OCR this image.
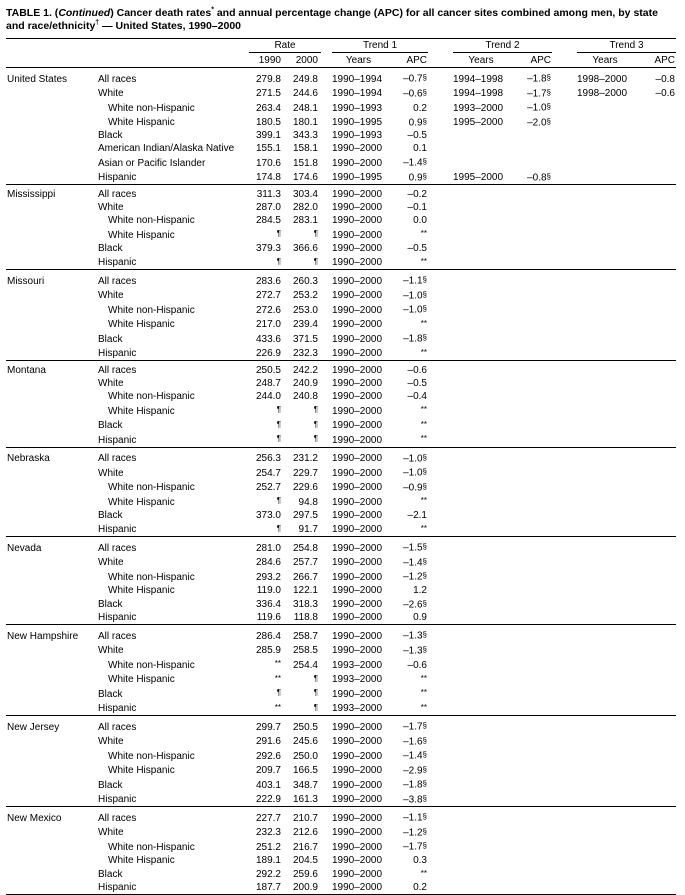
TABLE 1. (Continued) Cancer death rates* and annual percentage change (APC) for all cancer sites combined among men, by state and race/ethnicity† — United States, 1990–2000

		Rate		Trend 1		Trend 2		Trend 3	

		1990	2000	Years	APC	Years	APC	Years	APC
United States	All races	279.8	249.8	1990–1994	–0.7§	1994–1998	–1.8§	1998–2000	–0.8
	White	271.5	244.6	1990–1994	–0.6§	1994–1998	–1.7§	1998–2000	–0.6
	White non-Hispanic	263.4	248.1	1990–1993	0.2	1993–2000	–1.0§		
	White Hispanic	180.5	180.1	1990–1995	0.9§	1995–2000	–2.0§		
	Black	399.1	343.3	1990–1993	–0.5				
	American Indian/Alaska Native	155.1	158.1	1990–2000	0.1				
	Asian or Pacific Islander	170.6	151.8	1990–2000	–1.4§				
	Hispanic	174.8	174.6	1990–1995	0.9§	1995–2000	–0.8§		
Mississippi	All races	311.3	303.4	1990–2000	–0.2				
	White	287.0	282.0	1990–2000	–0.1				
	White non-Hispanic	284.5	283.1	1990–2000	0.0				
	White Hispanic	¶	¶	1990–2000	**				
	Black	379.3	366.6	1990–2000	–0.5				
	Hispanic	¶	¶	1990–2000	**				
Missouri	All races	283.6	260.3	1990–2000	–1.1§				
	White	272.7	253.2	1990–2000	–1.0§				
	White non-Hispanic	272.6	253.0	1990–2000	–1.0§				
	White Hispanic	217.0	239.4	1990–2000	**				
	Black	433.6	371.5	1990–2000	–1.8§				
	Hispanic	226.9	232.3	1990–2000	**				
Montana	All races	250.5	242.2	1990–2000	–0.6				
	White	248.7	240.9	1990–2000	–0.5				
	White non-Hispanic	244.0	240.8	1990–2000	–0.4				
	White Hispanic	¶	¶	1990–2000	**				
	Black	¶	¶	1990–2000	**				
	Hispanic	¶	¶	1990–2000	**				
Nebraska	All races	256.3	231.2	1990–2000	–1.0§				
	White	254.7	229.7	1990–2000	–1.0§				
	White non-Hispanic	252.7	229.6	1990–2000	–0.9§				
	White Hispanic	¶	94.8	1990–2000	**				
	Black	373.0	297.5	1990–2000	–2.1				
	Hispanic	¶	91.7	1990–2000	**				
Nevada	All races	281.0	254.8	1990–2000	–1.5§				
	White	284.6	257.7	1990–2000	–1.4§				
	White non-Hispanic	293.2	266.7	1990–2000	–1.2§				
	White Hispanic	119.0	122.1	1990–2000	1.2				
	Black	336.4	318.3	1990–2000	–2.6§				
	Hispanic	119.6	118.8	1990–2000	0.9				
New Hampshire	All races	286.4	258.7	1990–2000	–1.3§				
	White	285.9	258.5	1990–2000	–1.3§				
	White non-Hispanic	**	254.4	1993–2000	–0.6				
	White Hispanic	**	¶	1993–2000	**				
	Black	¶	¶	1990–2000	**				
	Hispanic	**	¶	1993–2000	**				
New Jersey	All races	299.7	250.5	1990–2000	–1.7§				
	White	291.6	245.6	1990–2000	–1.6§				
	White non-Hispanic	292.6	250.0	1990–2000	–1.4§				
	White Hispanic	209.7	166.5	1990–2000	–2.9§				
	Black	403.1	348.7	1990–2000	–1.8§				
	Hispanic	222.9	161.3	1990–2000	–3.8§				
New Mexico	All races	227.7	210.7	1990–2000	–1.1§				
	White	232.3	212.6	1990–2000	–1.2§				
	White non-Hispanic	251.2	216.7	1990–2000	–1.7§				
	White Hispanic	189.1	204.5	1990–2000	0.3				
	Black	292.2	259.6	1990–2000	**				
	Hispanic	187.7	200.9	1990–2000	0.2				
